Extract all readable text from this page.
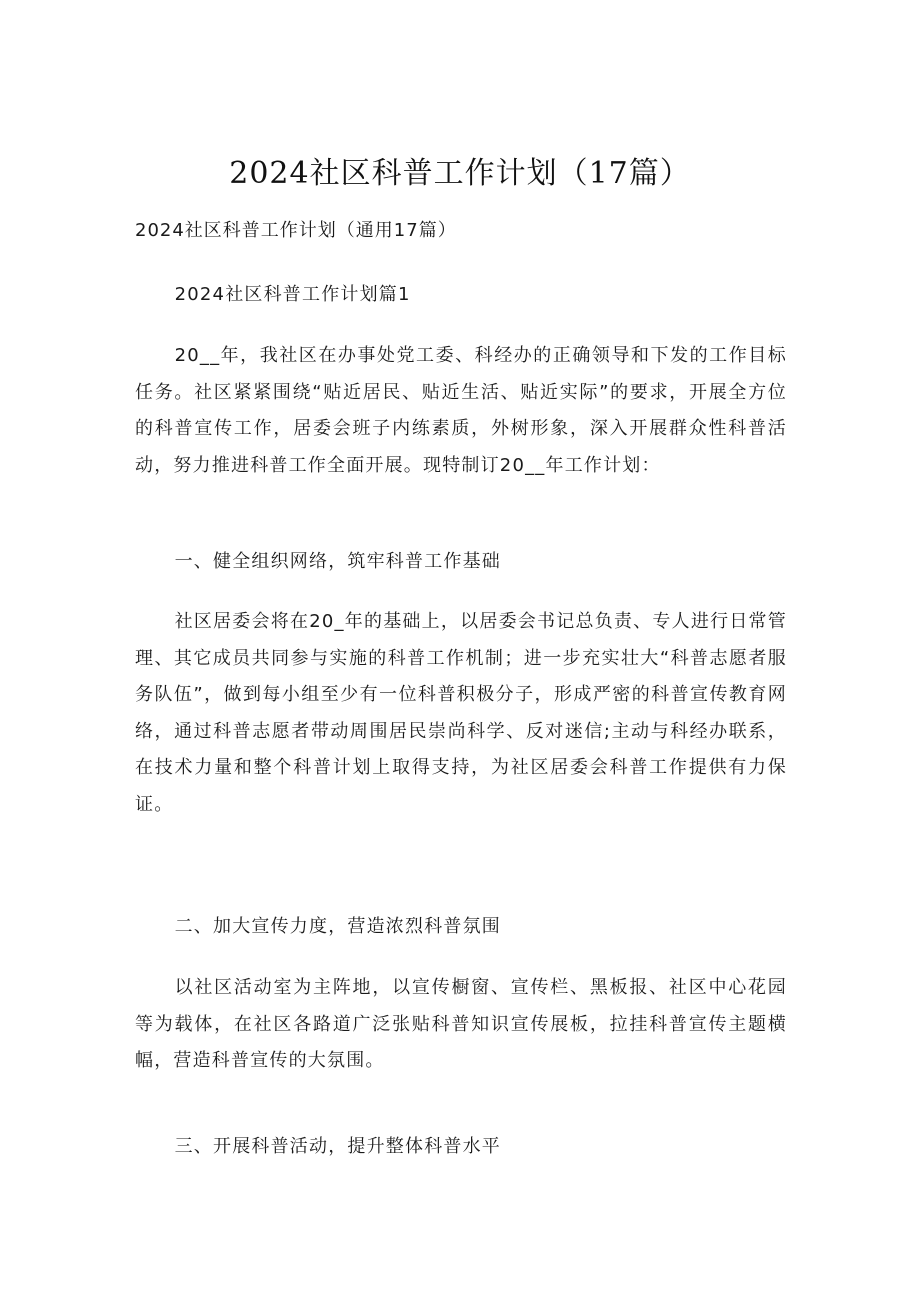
2024社区科普工作计划（17篇）

2024社区科普工作计划（通用17篇）

2024社区科普工作计划篇1

20__年，我社区在办事处党工委、科经办的正确领导和下发的工作目标任务。社区紧紧围绕“贴近居民、贴近生活、贴近实际”的要求，开展全方位的科普宣传工作，居委会班子内练素质，外树形象，深入开展群众性科普活动，努力推进科普工作全面开展。现特制订20__年工作计划：

一、健全组织网络，筑牢科普工作基础

社区居委会将在20_年的基础上，以居委会书记总负责、专人进行日常管理、其它成员共同参与实施的科普工作机制；进一步充实壮大“科普志愿者服务队伍”，做到每小组至少有一位科普积极分子，形成严密的科普宣传教育网络，通过科普志愿者带动周围居民崇尚科学、反对迷信;主动与科经办联系，在技术力量和整个科普计划上取得支持，为社区居委会科普工作提供有力保证。

二、加大宣传力度，营造浓烈科普氛围

以社区活动室为主阵地，以宣传橱窗、宣传栏、黑板报、社区中心花园等为载体，在社区各路道广泛张贴科普知识宣传展板，拉挂科普宣传主题横幅，营造科普宣传的大氛围。

三、开展科普活动，提升整体科普水平
